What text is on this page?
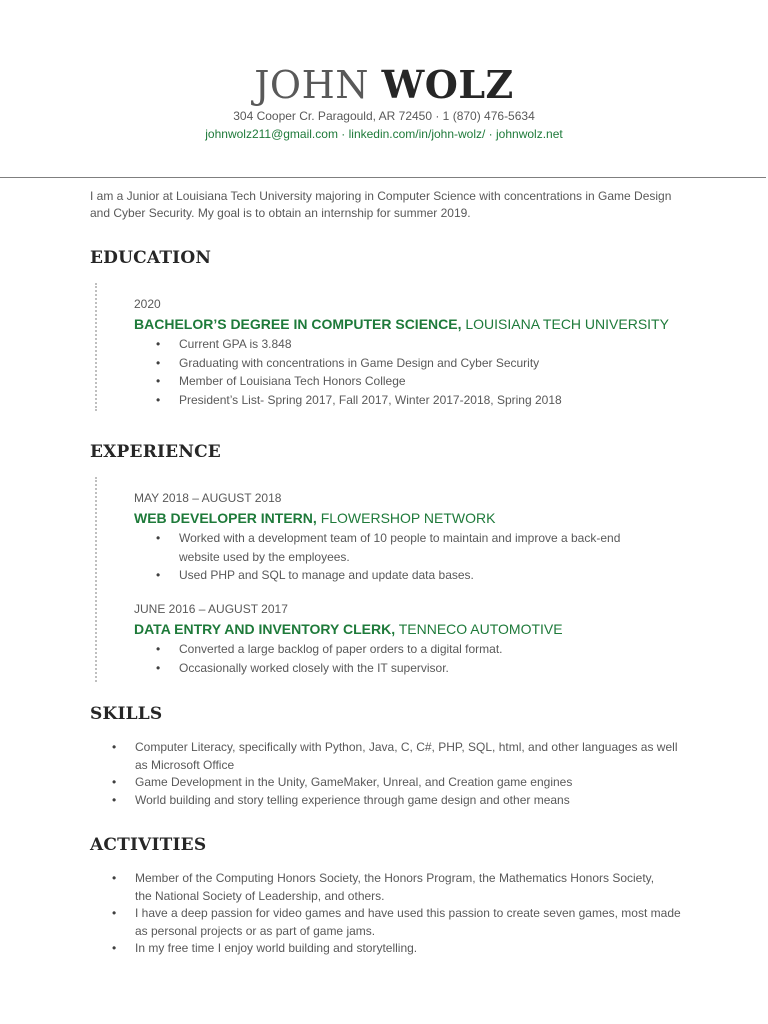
JOHN WOLZ
304 Cooper Cr. Paragould, AR 72450 · 1 (870) 476-5634
johnwolz211@gmail.com · linkedin.com/in/john-wolz/ · johnwolz.net
I am a Junior at Louisiana Tech University majoring in Computer Science with concentrations in Game Design and Cyber Security. My goal is to obtain an internship for summer 2019.
EDUCATION
2020
BACHELOR’S DEGREE IN COMPUTER SCIENCE, LOUISIANA TECH UNIVERSITY
• Current GPA is 3.848
• Graduating with concentrations in Game Design and Cyber Security
• Member of Louisiana Tech Honors College
• President’s List- Spring 2017, Fall 2017, Winter 2017-2018, Spring 2018
EXPERIENCE
MAY 2018 – AUGUST 2018
WEB DEVELOPER INTERN, FLOWERSHOP NETWORK
• Worked with a development team of 10 people to maintain and improve a back-end website used by the employees.
• Used PHP and SQL to manage and update data bases.
JUNE 2016 – AUGUST 2017
DATA ENTRY AND INVENTORY CLERK, TENNECO AUTOMOTIVE
• Converted a large backlog of paper orders to a digital format.
• Occasionally worked closely with the IT supervisor.
SKILLS
• Computer Literacy, specifically with Python, Java, C, C#, PHP, SQL, html, and other languages as well as Microsoft Office
• Game Development in the Unity, GameMaker, Unreal, and Creation game engines
• World building and story telling experience through game design and other means
ACTIVITIES
• Member of the Computing Honors Society, the Honors Program, the Mathematics Honors Society, the National Society of Leadership, and others.
• I have a deep passion for video games and have used this passion to create seven games, most made as personal projects or as part of game jams.
• In my free time I enjoy world building and storytelling.
